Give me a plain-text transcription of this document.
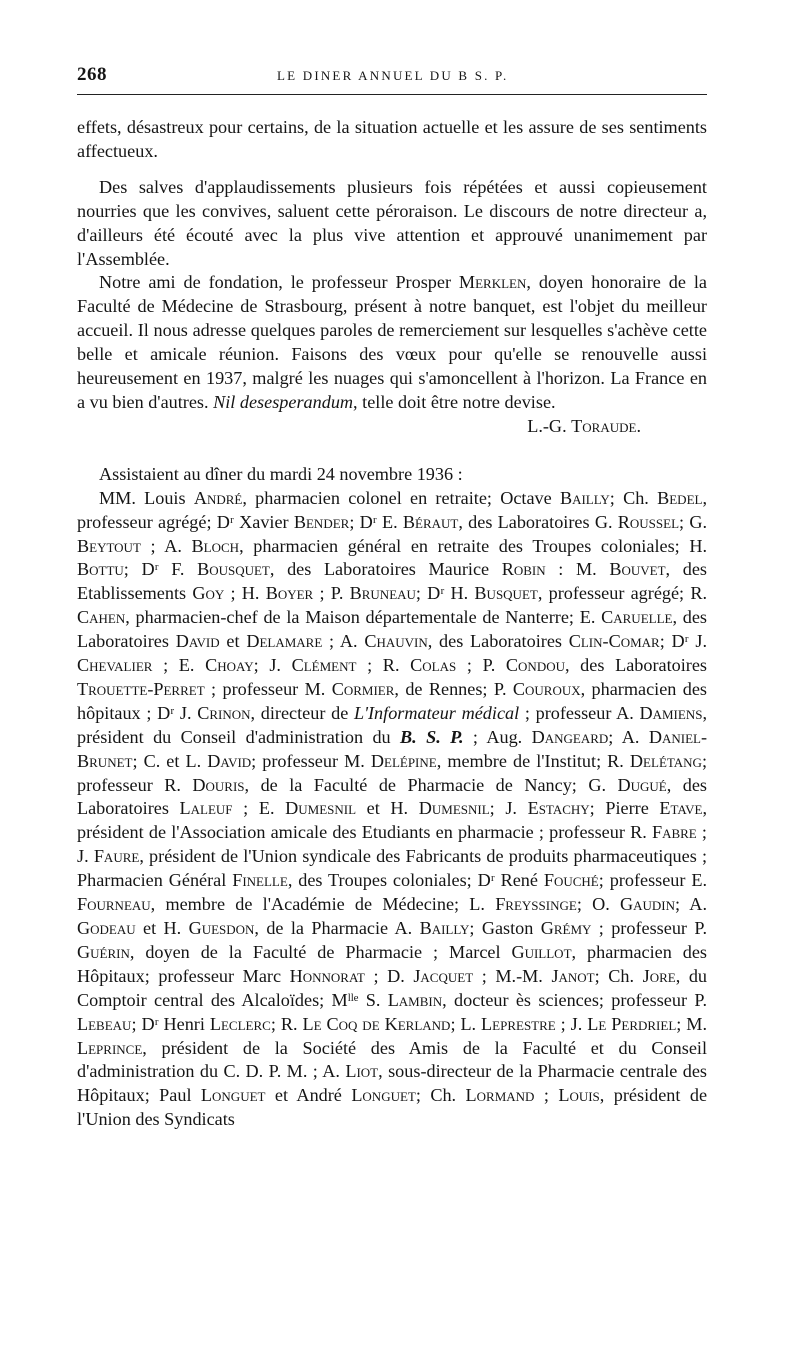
268	LE DINER ANNUEL DU B S. P.

effets, désastreux pour certains, de la situation actuelle et les assure de ses sentiments affectueux.

Des salves d'applaudissements plusieurs fois répétées et aussi copieusement nourries que les convives, saluent cette péroraison. Le discours de notre directeur a, d'ailleurs été écouté avec la plus vive attention et approuvé unanimement par l'Assemblée.

Notre ami de fondation, le professeur Prosper Merklen, doyen honoraire de la Faculté de Médecine de Strasbourg, présent à notre banquet, est l'objet du meilleur accueil. Il nous adresse quelques paroles de remerciement sur lesquelles s'achève cette belle et amicale réunion. Faisons des vœux pour qu'elle se renouvelle aussi heureusement en 1937, malgré les nuages qui s'amoncellent à l'horizon. La France en a vu bien d'autres. Nil desesperandum, telle doit être notre devise.

L.-G. Toraude.

Assistaient au dîner du mardi 24 novembre 1936 :

MM. Louis André, pharmacien colonel en retraite; Octave Bailly; Ch. Bedel, professeur agrégé; Dʳ Xavier Bender; Dʳ E. Béraut, des Laboratoires G. Roussel; G. Beytout ; A. Bloch, pharmacien général en retraite des Troupes coloniales; H. Bottu; Dʳ F. Bousquet, des Laboratoires Maurice Robin : M. Bouvet, des Etablissements Goy ; H. Boyer ; P. Bruneau; Dʳ H. Busquet, professeur agrégé; R. Cahen, pharmacien-chef de la Maison départementale de Nanterre; E. Caruelle, des Laboratoires David et Delamare ; A. Chauvin, des Laboratoires Clin-Comar; Dʳ J. Chevalier ; E. Choay; J. Clément ; R. Colas ; P. Condou, des Laboratoires Trouette-Perret ; professeur M. Cormier, de Rennes; P. Couroux, pharmacien des hôpitaux ; Dʳ J. Crinon, directeur de L'Informateur médical ; professeur A. Damiens, président du Conseil d'administration du B. S. P. ; Aug. Dangeard; A. Daniel-Brunet; C. et L. David; professeur M. Delépine, membre de l'Institut; R. Delétang; professeur R. Douris, de la Faculté de Pharmacie de Nancy; G. Dugué, des Laboratoires Laleuf ; E. Dumesnil et H. Dumesnil; J. Estachy; Pierre Etave, président de l'Association amicale des Etudiants en pharmacie ; professeur R. Fabre ; J. Faure, président de l'Union syndicale des Fabricants de produits pharmaceutiques ; Pharmacien Général Finelle, des Troupes coloniales; Dʳ René Fouché; professeur E. Fourneau, membre de l'Académie de Médecine; L. Freyssinge; O. Gaudin; A. Godeau et H. Guesdon, de la Pharmacie A. Bailly; Gaston Grémy ; professeur P. Guérin, doyen de la Faculté de Pharmacie ; Marcel Guillot, pharmacien des Hôpitaux; professeur Marc Honnorat ; D. Jacquet ; M.-M. Janot; Ch. Jore, du Comptoir central des Alcaloïdes; Mˡˡᵉ S. Lambin, docteur ès sciences; professeur P. Lebeau; Dʳ Henri Leclerc; R. Le Coq de Kerland; L. Leprestre ; J. Le Perdriel; M. Leprince, président de la Société des Amis de la Faculté et du Conseil d'administration du C. D. P. M. ; A. Liot, sous-directeur de la Pharmacie centrale des Hôpitaux; Paul Longuet et André Longuet; Ch. Lormand ; Louis, président de l'Union des Syndicats
